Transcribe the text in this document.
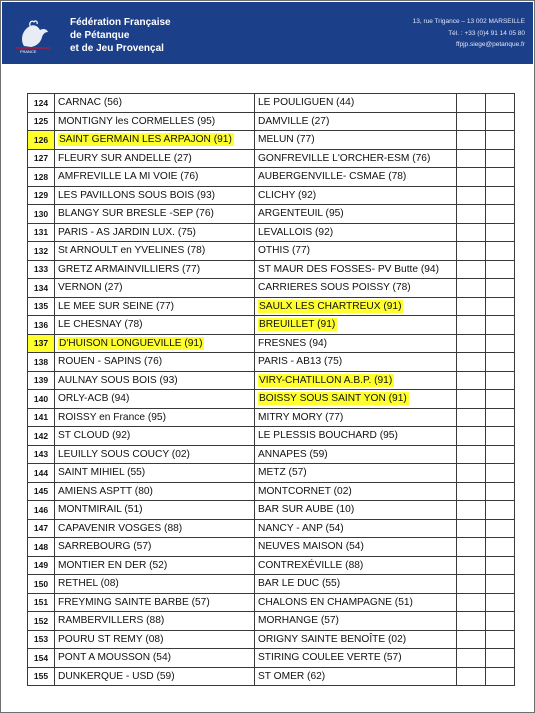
FRANCE
Fédération Française
de Pétanque
et de Jeu Provençal
13, rue Trigance – 13 002 MARSEILLE
Tél. : +33 (0)4 91 14 05 80
ffpjp.siege@petanque.fr
124	CARNAC (56)	LE POULIGUEN (44)		
125	MONTIGNY les CORMELLES (95)	DAMVILLE (27)		
126	SAINT GERMAIN LES ARPAJON (91)	MELUN (77)		
127	FLEURY SUR ANDELLE (27)	GONFREVILLE L'ORCHER-ESM (76)		
128	AMFREVILLE LA MI VOIE (76)	AUBERGENVILLE- CSMAE (78)		
129	LES PAVILLONS SOUS BOIS (93)	CLICHY (92)		
130	BLANGY SUR BRESLE -SEP (76)	ARGENTEUIL (95)		
131	PARIS - AS JARDIN LUX. (75)	LEVALLOIS (92)		
132	St ARNOULT en YVELINES (78)	OTHIS (77)		
133	GRETZ ARMAINVILLIERS (77)	ST MAUR DES FOSSES- PV Butte (94)		
134	VERNON (27)	CARRIERES SOUS POISSY (78)		
135	LE MEE SUR SEINE (77)	SAULX LES CHARTREUX (91)		
136	LE CHESNAY (78)	BREUILLET (91)		
137	D'HUISON LONGUEVILLE (91)	FRESNES (94)		
138	ROUEN - SAPINS (76)	PARIS - AB13 (75)		
139	AULNAY SOUS BOIS (93)	VIRY-CHATILLON A.B.P. (91)		
140	ORLY-ACB (94)	BOISSY SOUS SAINT YON (91)		
141	ROISSY en France (95)	MITRY MORY (77)		
142	ST CLOUD (92)	LE PLESSIS BOUCHARD (95)		
143	LEUILLY SOUS COUCY (02)	ANNAPES (59)		
144	SAINT MIHIEL (55)	METZ (57)		
145	AMIENS ASPTT (80)	MONTCORNET (02)		
146	MONTMIRAIL (51)	BAR SUR AUBE (10)		
147	CAPAVENIR VOSGES (88)	NANCY - ANP (54)		
148	SARREBOURG (57)	NEUVES MAISON (54)		
149	MONTIER EN DER (52)	CONTREXÉVILLE (88)		
150	RETHEL (08)	BAR LE DUC (55)		
151	FREYMING SAINTE BARBE (57)	CHALONS EN CHAMPAGNE (51)		
152	RAMBERVILLERS (88)	MORHANGE (57)		
153	POURU ST REMY (08)	ORIGNY SAINTE BENOÎTE (02)		
154	PONT A MOUSSON (54)	STIRING COULEE VERTE (57)		
155	DUNKERQUE - USD (59)	ST OMER (62)		
